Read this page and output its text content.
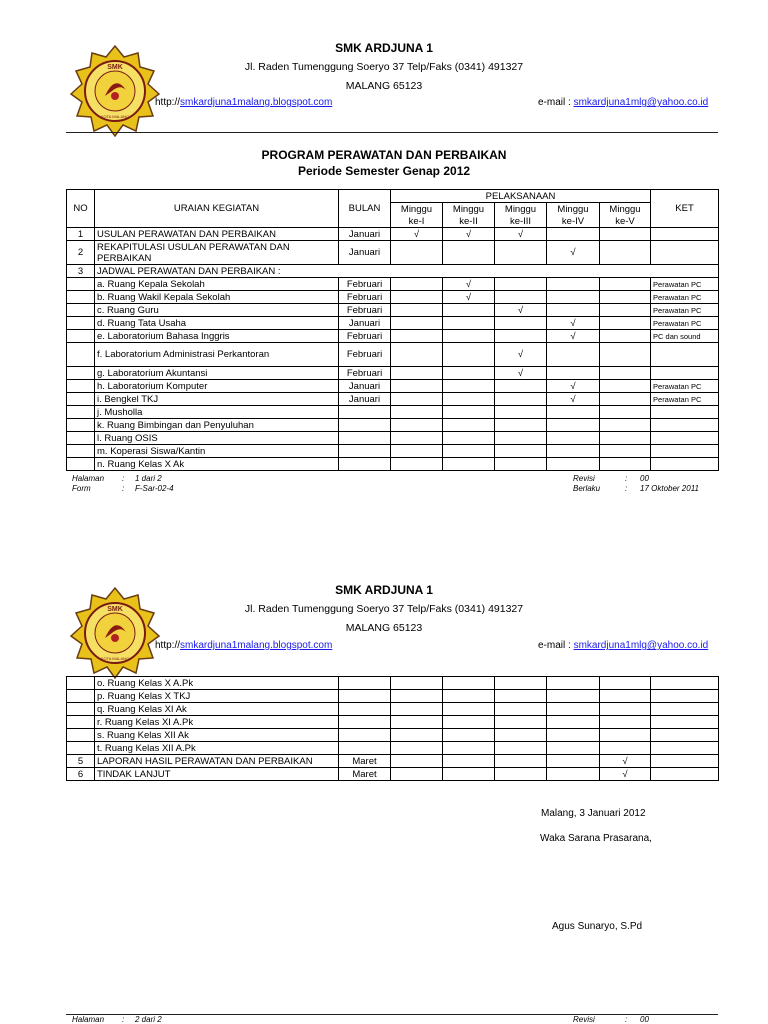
SMK
KOTA MALANG
SMK ARDJUNA 1
Jl. Raden Tumenggung Soeryo 37 Telp/Faks (0341) 491327
MALANG 65123
http://smkardjuna1malang.blogspot.com	e-mail : smkardjuna1mlg@yahoo.co.id
PROGRAM PERAWATAN DAN PERBAIKAN
Periode Semester Genap 2012
NO	URAIAN KEGIATAN	BULAN	PELAKSANAAN					KET
			Minggu	Minggu	Minggu	Minggu	Minggu	
			ke-I	ke-II	ke-III	ke-IV	ke-V	
1	USULAN PERAWATAN DAN PERBAIKAN	Januari	√	√	√			
2	REKAPITULASI USULAN PERAWATAN DAN PERBAIKAN	Januari				√		
3	JADWAL PERAWATAN DAN PERBAIKAN :							
	a. Ruang Kepala Sekolah	Februari		√				Perawatan PC
	b. Ruang Wakil Kepala Sekolah	Februari		√				Perawatan PC
	c. Ruang Guru	Februari			√			Perawatan PC
	d. Ruang Tata Usaha	Januari				√		Perawatan PC
	e. Laboratorium Bahasa Inggris	Februari				√		PC dan sound
	f. Laboratorium Administrasi Perkantoran	Februari			√			
	g. Laboratorium Akuntansi	Februari			√			
	h. Laboratorium Komputer	Januari				√		Perawatan PC
	i. Bengkel TKJ	Januari				√		Perawatan PC
	j. Musholla							
	k. Ruang Bimbingan dan Penyuluhan							
	l. Ruang OSIS							
	m. Koperasi Siswa/Kantin							
	n. Ruang Kelas X Ak							
Halaman : 1 dari 2
Form	: F-Sar-02-4
Revisi	: 00
Berlaku	: 17 Oktober 2011
SMK
KOTA MALANG
SMK ARDJUNA 1
Jl. Raden Tumenggung Soeryo 37 Telp/Faks (0341) 491327
MALANG 65123
http://smkardjuna1malang.blogspot.com	e-mail : smkardjuna1mlg@yahoo.co.id
	o. Ruang Kelas X A.Pk							
	p. Ruang Kelas X TKJ							
	q. Ruang Kelas XI Ak							
	r. Ruang Kelas XI A.Pk							
	s. Ruang Kelas XII Ak							
	t. Ruang Kelas XII A.Pk							
5	LAPORAN HASIL PERAWATAN DAN PERBAIKAN	Maret					√	
6	TINDAK LANJUT	Maret					√	
Malang, 3 Januari 2012
Waka Sarana Prasarana,
Agus Sunaryo, S.Pd
Halaman : 2 dari 2	Revisi	: 00
